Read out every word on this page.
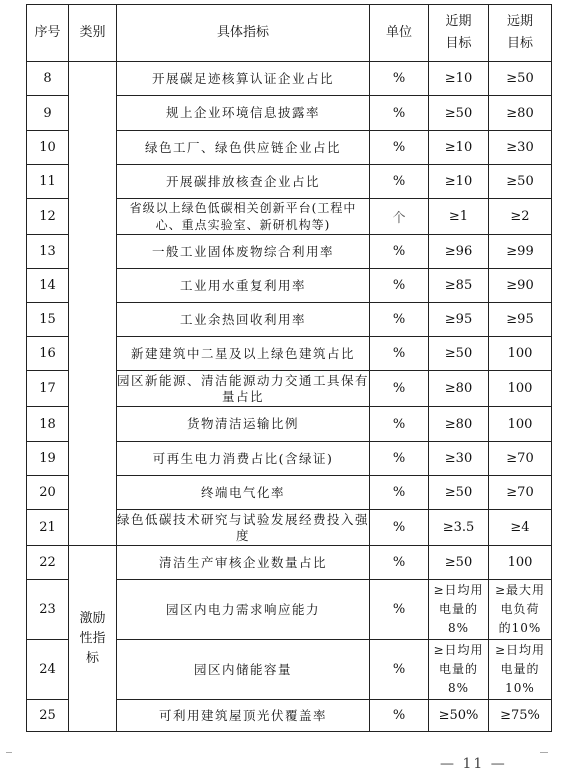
序号	类别	具体指标	单位	近期目标	远期目标
8		开展碳足迹核算认证企业占比	%	≥10	≥50
9		规上企业环境信息披露率	%	≥50	≥80
10		绿色工厂、绿色供应链企业占比	%	≥10	≥30
11		开展碳排放核查企业占比	%	≥10	≥50
12		省级以上绿色低碳相关创新平台(工程中心、重点实验室、新研机构等)	个	≥1	≥2
13		一般工业固体废物综合利用率	%	≥96	≥99
14		工业用水重复利用率	%	≥85	≥90
15		工业余热回收利用率	%	≥95	≥95
16		新建建筑中二星及以上绿色建筑占比	%	≥50	100
17		园区新能源、清洁能源动力交通工具保有量占比	%	≥80	100
18		货物清洁运输比例	%	≥80	100
19		可再生电力消费占比(含绿证)	%	≥30	≥70
20		终端电气化率	%	≥50	≥70
21		绿色低碳技术研究与试验发展经费投入强度	%	≥3.5	≥4
22	激励性指标	清洁生产审核企业数量占比	%	≥50	100
23		园区内电力需求响应能力	%	≥日均用电量的8%	≥最大用电负荷的10%

24		园区内储能容量	%	≥日均用电量的8%	≥日均用电量的10%

25		可利用建筑屋顶光伏覆盖率	%	≥50%	≥75%
— 11 —
